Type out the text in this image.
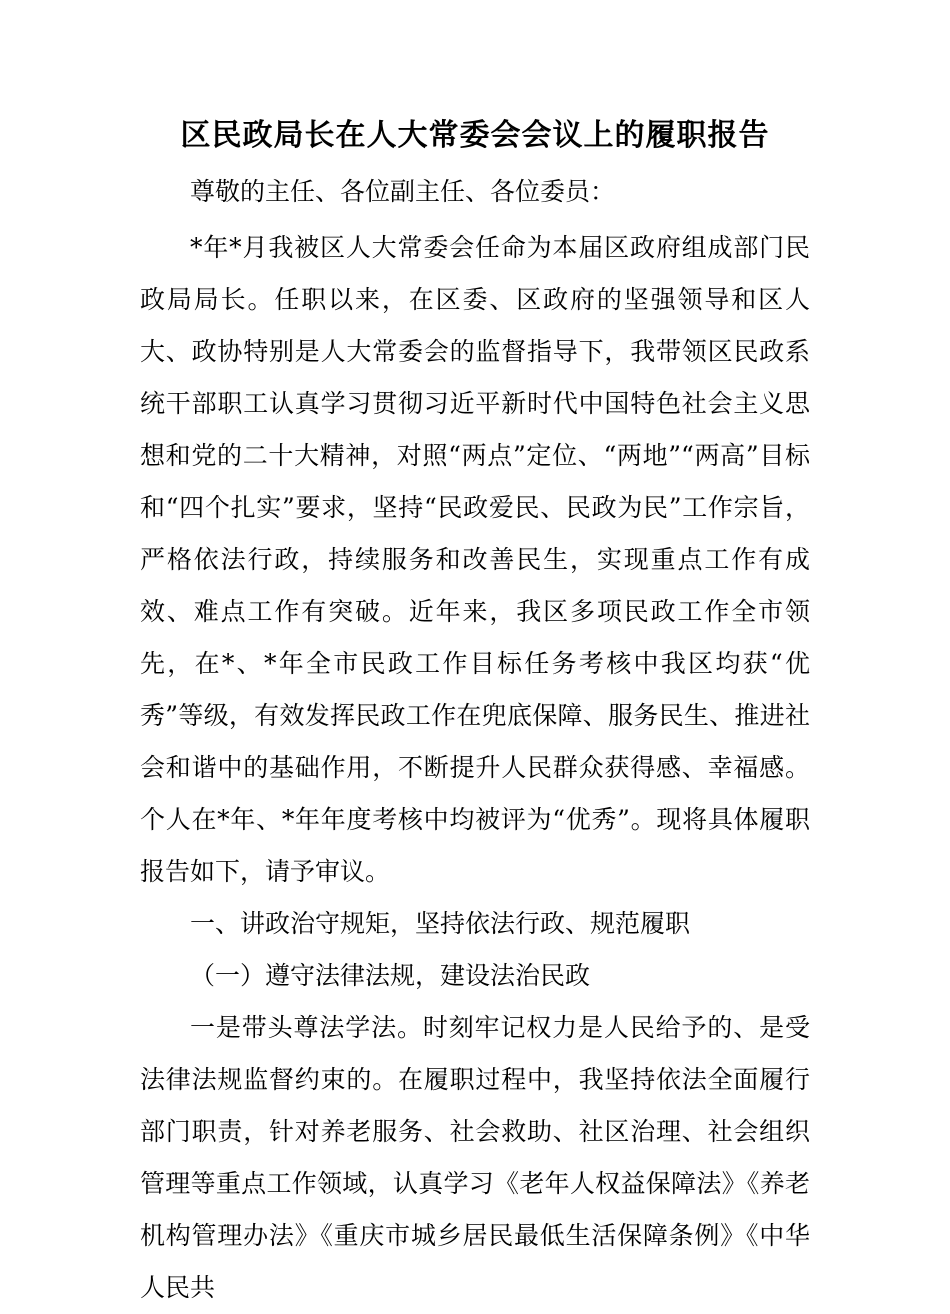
区民政局长在人大常委会会议上的履职报告

尊敬的主任、各位副主任、各位委员：

*年*月我被区人大常委会任命为本届区政府组成部门民政局局长。任职以来，在区委、区政府的坚强领导和区人大、政协特别是人大常委会的监督指导下，我带领区民政系统干部职工认真学习贯彻习近平新时代中国特色社会主义思想和党的二十大精神，对照“两点”定位、“两地”“两高”目标和“四个扎实”要求，坚持“民政爱民、民政为民”工作宗旨，严格依法行政，持续服务和改善民生，实现重点工作有成效、难点工作有突破。近年来，我区多项民政工作全市领先，在*、*年全市民政工作目标任务考核中我区均获“优秀”等级，有效发挥民政工作在兜底保障、服务民生、推进社会和谐中的基础作用，不断提升人民群众获得感、幸福感。个人在*年、*年年度考核中均被评为“优秀”。现将具体履职报告如下，请予审议。

一、讲政治守规矩，坚持依法行政、规范履职

（一）遵守法律法规，建设法治民政

一是带头尊法学法。时刻牢记权力是人民给予的、是受法律法规监督约束的。在履职过程中，我坚持依法全面履行部门职责，针对养老服务、社会救助、社区治理、社会组织管理等重点工作领域，认真学习《老年人权益保障法》《养老机构管理办法》《重庆市城乡居民最低生活保障条例》《中华人民共
